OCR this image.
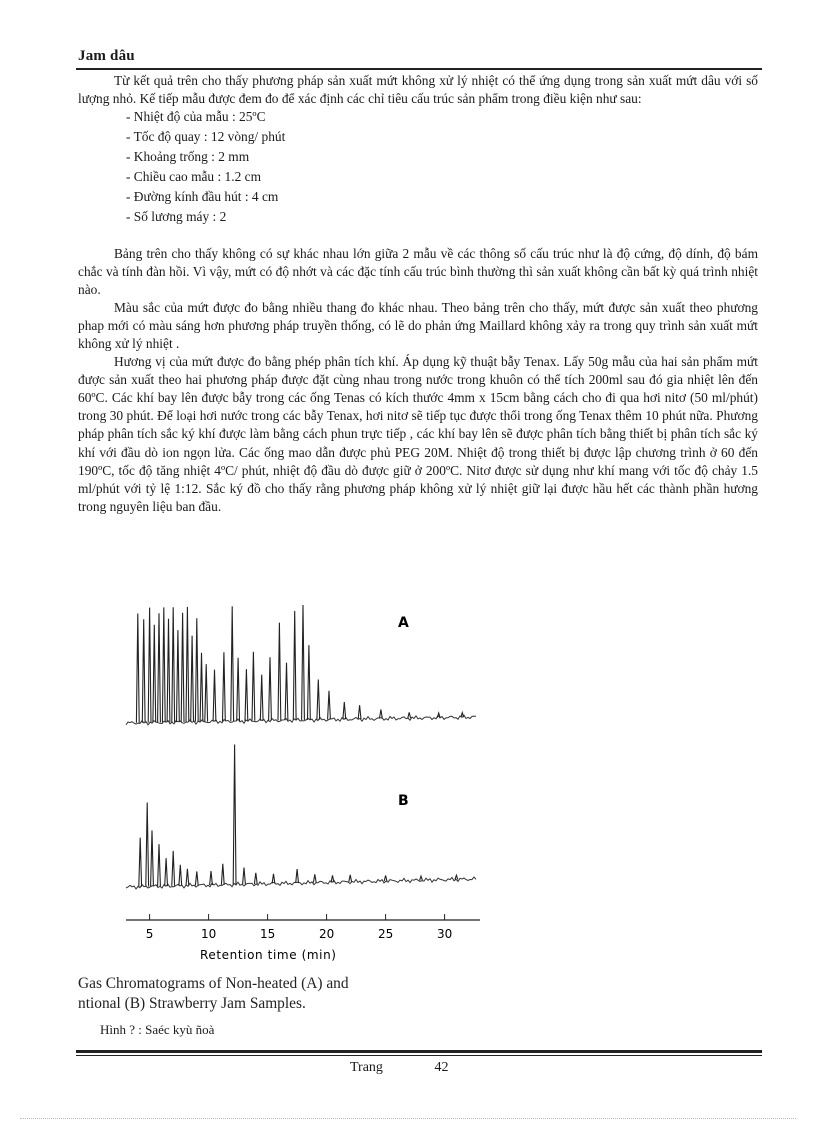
Jam dâu

Từ kết quả trên cho thấy phương pháp sản xuất mứt không xử lý nhiệt có thể ứng dụng trong sản xuất mứt dâu với số lượng nhỏ. Kế tiếp mẫu được đem đo để xác định các chỉ tiêu cấu trúc sản phẩm trong điều kiện như sau:

- Nhiệt độ của mẫu : 25ºC
- Tốc độ quay : 12 vòng/ phút
- Khoảng trống : 2 mm
- Chiều cao mẫu : 1.2 cm
- Đường kính đầu hút : 4 cm
- Số lương máy : 2

Bảng trên cho thấy không có sự khác nhau lớn giữa 2 mẫu về các thông số cấu trúc như là độ cứng, độ dính, độ bám chắc và tính đàn hồi. Vì vậy, mứt có độ nhớt và các đặc tính cấu trúc bình thường thì sản xuất không cần bất kỳ quá trình nhiệt nào.

Màu sắc của mứt được đo bằng nhiều thang đo khác nhau. Theo bảng trên cho thấy, mứt được sản xuất theo phương phap mới có màu sáng hơn phương pháp truyền thống, có lẽ do phản ứng Maillard không xảy ra trong quy trình sản xuất mứt không xử lý nhiệt .

Hương vị của mứt được đo bằng phép phân tích khí. Áp dụng kỹ thuật bẫy Tenax. Lấy 50g mẫu của hai sản phẩm mứt được sản xuất theo hai phương pháp được đặt cùng nhau trong nước trong khuôn có thể tích 200ml sau đó gia nhiệt lên đến 60ºC. Các khí bay lên được bẫy trong các ống Tenas có kích thước 4mm x 15cm bằng cách cho đi qua hơi nitơ (50 ml/phút) trong 30 phút. Để loại hơi nước trong các bẫy Tenax, hơi nitơ sẽ tiếp tục được thổi trong ống Tenax thêm 10 phút nữa. Phương pháp phân tích sắc ký khí được làm bằng cách phun trực tiếp , các khí bay lên sẽ được phân tích bằng thiết bị phân tích sắc ký khí với đầu dò ion ngọn lửa. Các ống mao dẫn được phủ PEG 20M. Nhiệt độ trong thiết bị được lập chương trình ở 60 đến 190ºC, tốc độ tăng nhiệt 4ºC/ phút, nhiệt độ đầu dò được giữ ở 200ºC. Nitơ được sử dụng như khí mang với tốc độ chảy 1.5 ml/phút với tỷ lệ 1:12. Sắc ký đồ cho thấy rằng phương pháp không xử lý nhiệt giữ lại được hầu hết các thành phần hương trong nguyên liệu ban đầu.

A
B
5	10	15	20	25	30
Retention time (min)
Gas Chromatograms of Non-heated (A) and
ntional (B) Strawberry Jam Samples.
Hình ? : Saéc kyù ñoà
Trang	42
